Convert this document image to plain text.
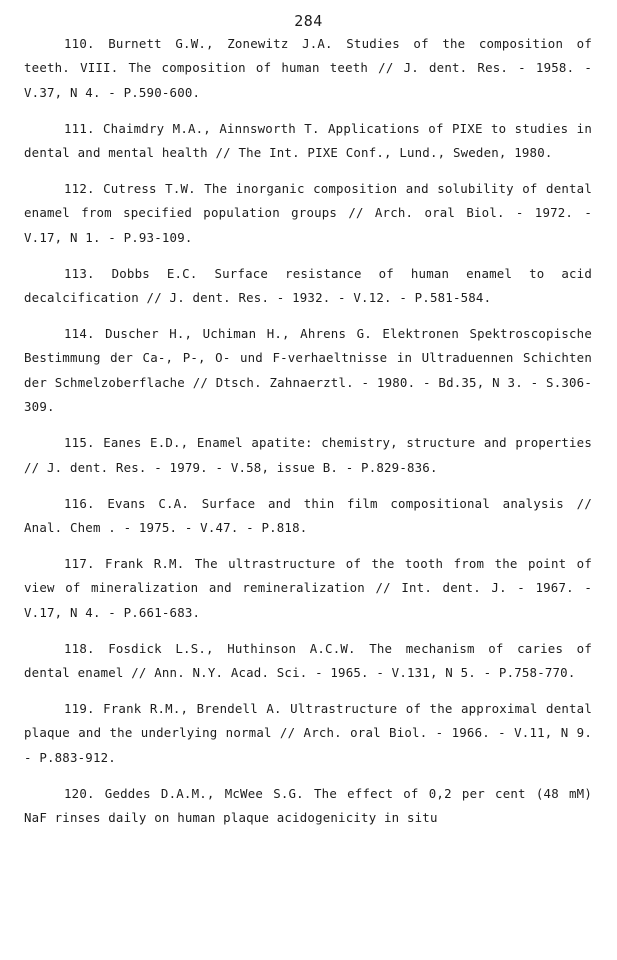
284

110. Burnett G.W., Zonewitz J.A. Studies of the composition of teeth. VIII. The composition of human teeth // J. dent. Res. - 1958. - V.37, N 4. - P.590-600.

111. Chaimdry M.A., Ainnsworth T. Applications of PIXE to studies in dental and mental health // The Int. PIXE Conf., Lund., Sweden, 1980.

112. Cutress T.W. The inorganic composition and solubility of dental enamel from specified population groups // Arch. oral Biol. - 1972. - V.17, N 1. - P.93-109.

113. Dobbs E.C. Surface resistance of human enamel to acid decalcification // J. dent. Res. - 1932. - V.12. - P.581-584.

114. Duscher H., Uchiman H., Ahrens G. Elektronen Spektroscopische Bestimmung der Ca-, P-, O- und F-verhaeltnisse in Ultraduennen Schichten der Schmelzoberflache // Dtsch. Zahnaerztl. - 1980. - Bd.35, N 3. - S.306-309.

115. Eanes E.D., Enamel apatite: chemistry, structure and properties // J. dent. Res. - 1979. - V.58, issue B. - P.829-836.

116. Evans C.A. Surface and thin film compositional analysis // Anal. Chem . - 1975. - V.47. - P.818.

117. Frank R.M. The ultrastructure of the tooth from the point of view of mineralization and remineralization // Int. dent. J. - 1967. - V.17, N 4. - P.661-683.

118. Fosdick L.S., Huthinson A.C.W. The mechanism of caries of dental enamel // Ann. N.Y. Acad. Sci. - 1965. - V.131, N 5. - P.758-770.

119. Frank R.M., Brendell A. Ultrastructure of the approximal dental plaque and the underlying normal // Arch. oral Biol. - 1966. - V.11, N 9. - P.883-912.

120. Geddes D.A.M., McWee S.G. The effect of 0,2 per cent (48 mM) NaF rinses daily on human plaque acidogenicity in situ
